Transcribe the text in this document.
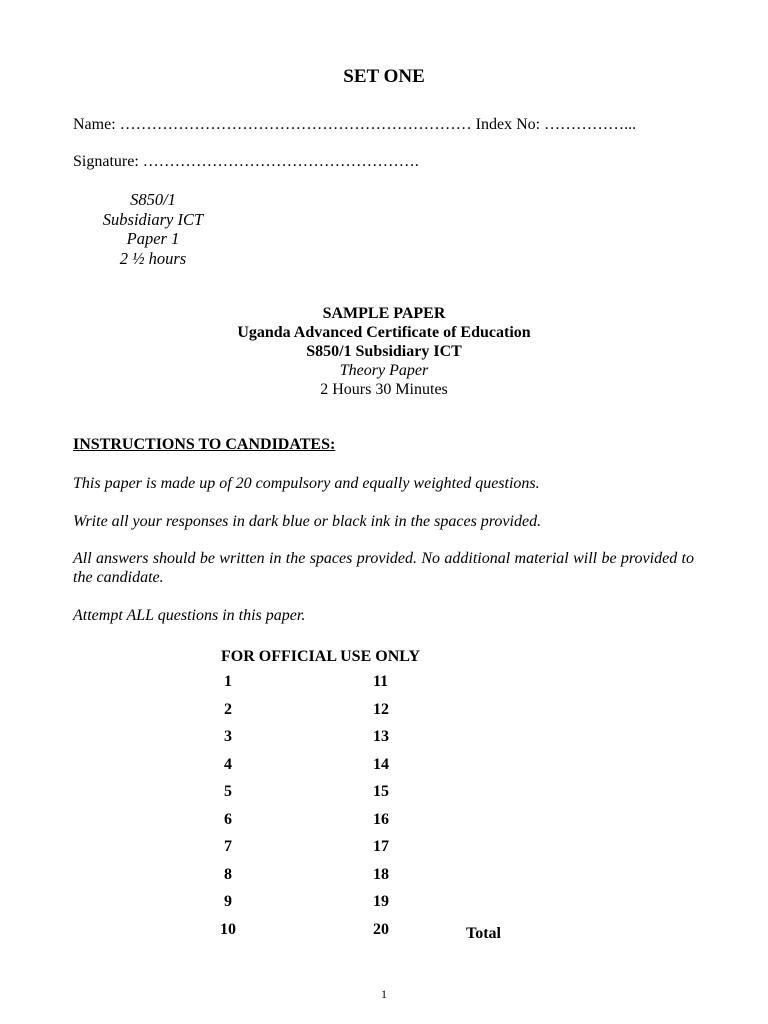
SET ONE
Name: ………………………………………………………… Index No: ……………...
Signature: …………………………………………….
S850/1
Subsidiary ICT
Paper 1
2 ½ hours
SAMPLE PAPER
Uganda Advanced Certificate of Education
S850/1 Subsidiary ICT
Theory Paper
2 Hours 30 Minutes
INSTRUCTIONS TO CANDIDATES:
This paper is made up of 20 compulsory and equally weighted questions.
Write all your responses in dark blue or black ink in the spaces provided.
All answers should be written in the spaces provided. No additional material will be provided to the candidate.
Attempt ALL questions in this paper.
FOR OFFICIAL USE ONLY
1
2
3
4
5
6
7
8
9
10
11
12
13
14
15
16
17
18
19
20	Total
1
